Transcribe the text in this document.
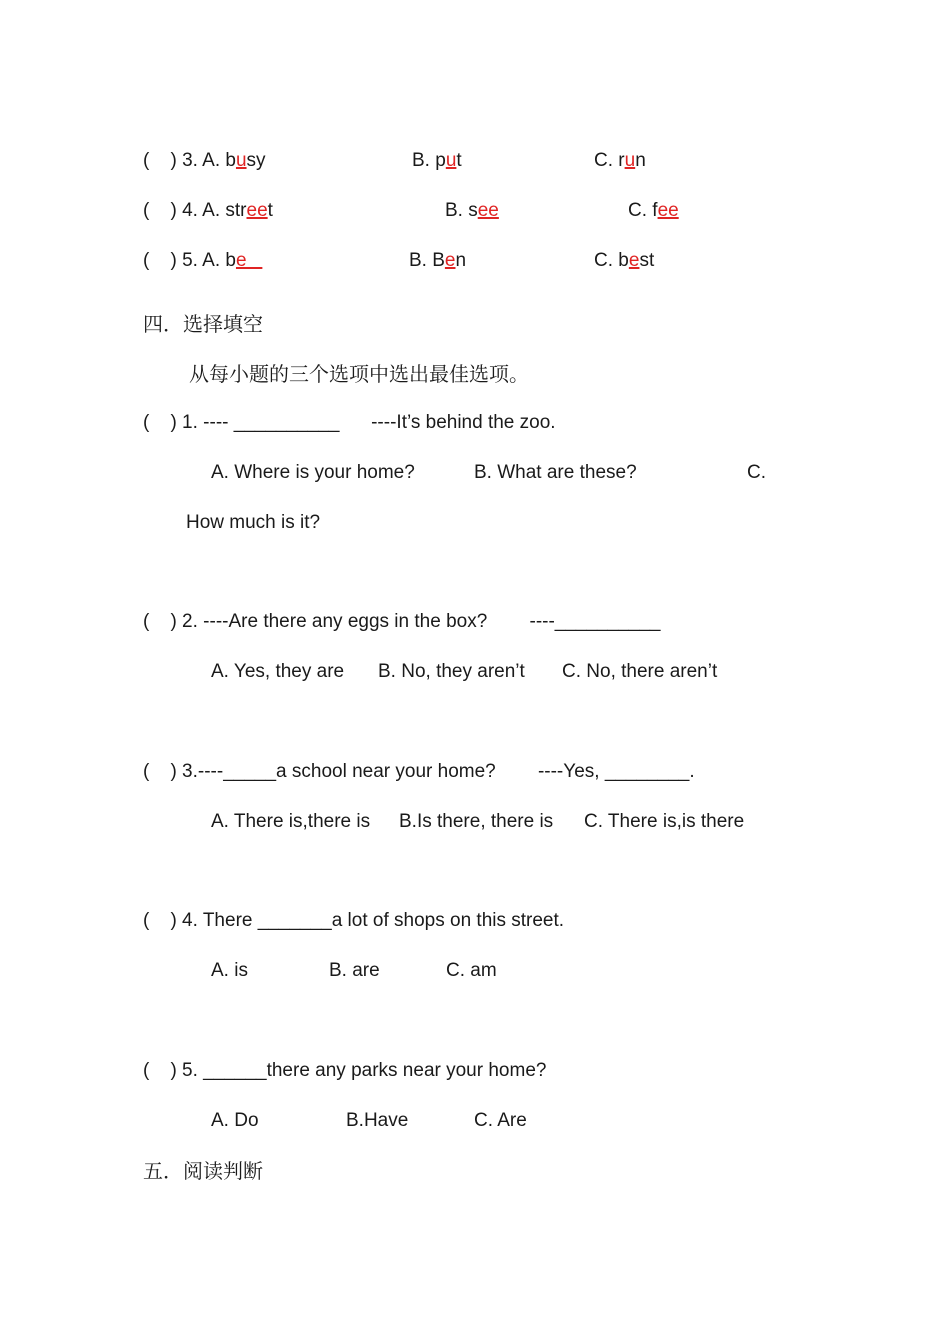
(    ) 3. A. busy	B. put	C. run
(    ) 4. A. street	B. see	C. fee
(    ) 5. A. be	B. Ben	C. best
四．选择填空
从每小题的三个选项中选出最佳选项。
(    ) 1. ---- __________      ----It’s behind the zoo.
A. Where is your home?	B. What are these?	C.
How much is it?
(    ) 2. ----Are there any eggs in the box?        ----__________
A. Yes, they are B. No, they aren’t C. No, there aren’t
(    ) 3.----_____a school near your home?        ----Yes, ________.
A. There is,there is B.Is there, there is C. There is,is there
(    ) 4. There _______a lot of shops on this street.
A. is	B. are	C. am
(    ) 5. ______there any parks near your home?
A. Do	B.Have	C. Are
五．阅读判断
